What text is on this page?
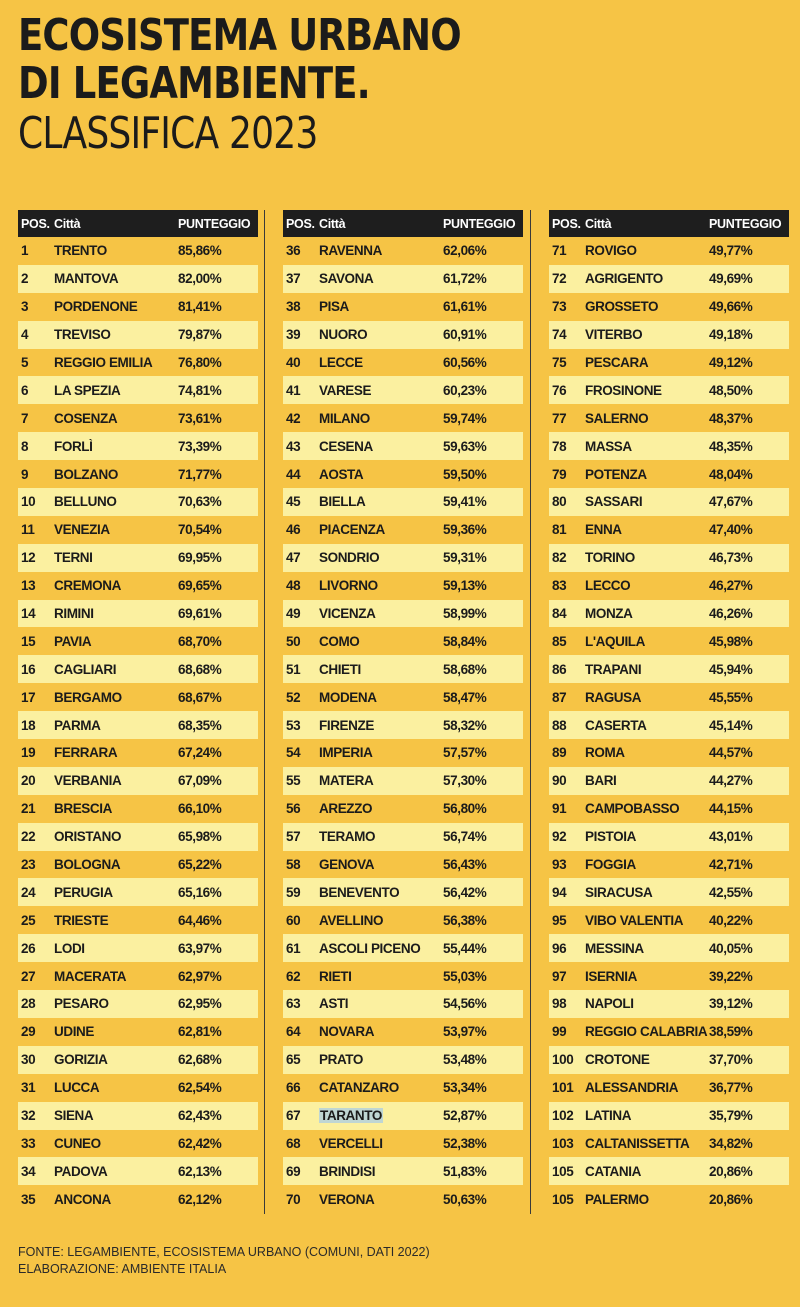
ECOSISTEMA URBANO
DI LEGAMBIENTE.
CLASSIFICA 2023
POS. Città	PUNTEGGIO
1	TRENTO	85,86%
2	MANTOVA	82,00%
3	PORDENONE	81,41%
4	TREVISO	79,87%
5	REGGIO EMILIA	76,80%
6	LA SPEZIA	74,81%
7	COSENZA	73,61%
8	FORLÌ	73,39%
9	BOLZANO	71,77%
10	BELLUNO	70,63%
11	VENEZIA	70,54%
12	TERNI	69,95%
13	CREMONA	69,65%
14	RIMINI	69,61%
15	PAVIA	68,70%
16	CAGLIARI	68,68%
17	BERGAMO	68,67%
18	PARMA	68,35%
19	FERRARA	67,24%
20	VERBANIA	67,09%
21	BRESCIA	66,10%
22	ORISTANO	65,98%
23	BOLOGNA	65,22%
24	PERUGIA	65,16%
25	TRIESTE	64,46%
26	LODI	63,97%
27	MACERATA	62,97%
28	PESARO	62,95%
29	UDINE	62,81%
30	GORIZIA	62,68%
31	LUCCA	62,54%
32	SIENA	62,43%
33	CUNEO	62,42%
34	PADOVA	62,13%
35	ANCONA	62,12%
POS. Città	PUNTEGGIO
36	RAVENNA	62,06%
37	SAVONA	61,72%
38	PISA	61,61%
39	NUORO	60,91%
40	LECCE	60,56%
41	VARESE	60,23%
42	MILANO	59,74%
43	CESENA	59,63%
44	AOSTA	59,50%
45	BIELLA	59,41%
46	PIACENZA	59,36%
47	SONDRIO	59,31%
48	LIVORNO	59,13%
49	VICENZA	58,99%
50	COMO	58,84%
51	CHIETI	58,68%
52	MODENA	58,47%
53	FIRENZE	58,32%
54	IMPERIA	57,57%
55	MATERA	57,30%
56	AREZZO	56,80%
57	TERAMO	56,74%
58	GENOVA	56,43%
59	BENEVENTO	56,42%
60	AVELLINO	56,38%
61	ASCOLI PICENO	55,44%
62	RIETI	55,03%
63	ASTI	54,56%
64	NOVARA	53,97%
65	PRATO	53,48%
66	CATANZARO	53,34%
67	TARANTO	52,87%
68	VERCELLI	52,38%
69	BRINDISI	51,83%
70	VERONA	50,63%
POS. Città	PUNTEGGIO
71	ROVIGO	49,77%
72	AGRIGENTO	49,69%
73	GROSSETO	49,66%
74	VITERBO	49,18%
75	PESCARA	49,12%
76	FROSINONE	48,50%
77	SALERNO	48,37%
78	MASSA	48,35%
79	POTENZA	48,04%
80	SASSARI	47,67%
81	ENNA	47,40%
82	TORINO	46,73%
83	LECCO	46,27%
84	MONZA	46,26%
85	L'AQUILA	45,98%
86	TRAPANI	45,94%
87	RAGUSA	45,55%
88	CASERTA	45,14%
89	ROMA	44,57%
90	BARI	44,27%
91	CAMPOBASSO	44,15%
92	PISTOIA	43,01%
93	FOGGIA	42,71%
94	SIRACUSA	42,55%
95	VIBO VALENTIA	40,22%
96	MESSINA	40,05%
97	ISERNIA	39,22%
98	NAPOLI	39,12%
99	REGGIO CALABRIA 38,59%
100 CROTONE	37,70%
101 ALESSANDRIA	36,77%
102 LATINA	35,79%
103 CALTANISSETTA	34,82%
105 CATANIA	20,86%
105 PALERMO	20,86%
FONTE: LEGAMBIENTE, ECOSISTEMA URBANO (COMUNI, DATI 2022)
ELABORAZIONE: AMBIENTE ITALIA
